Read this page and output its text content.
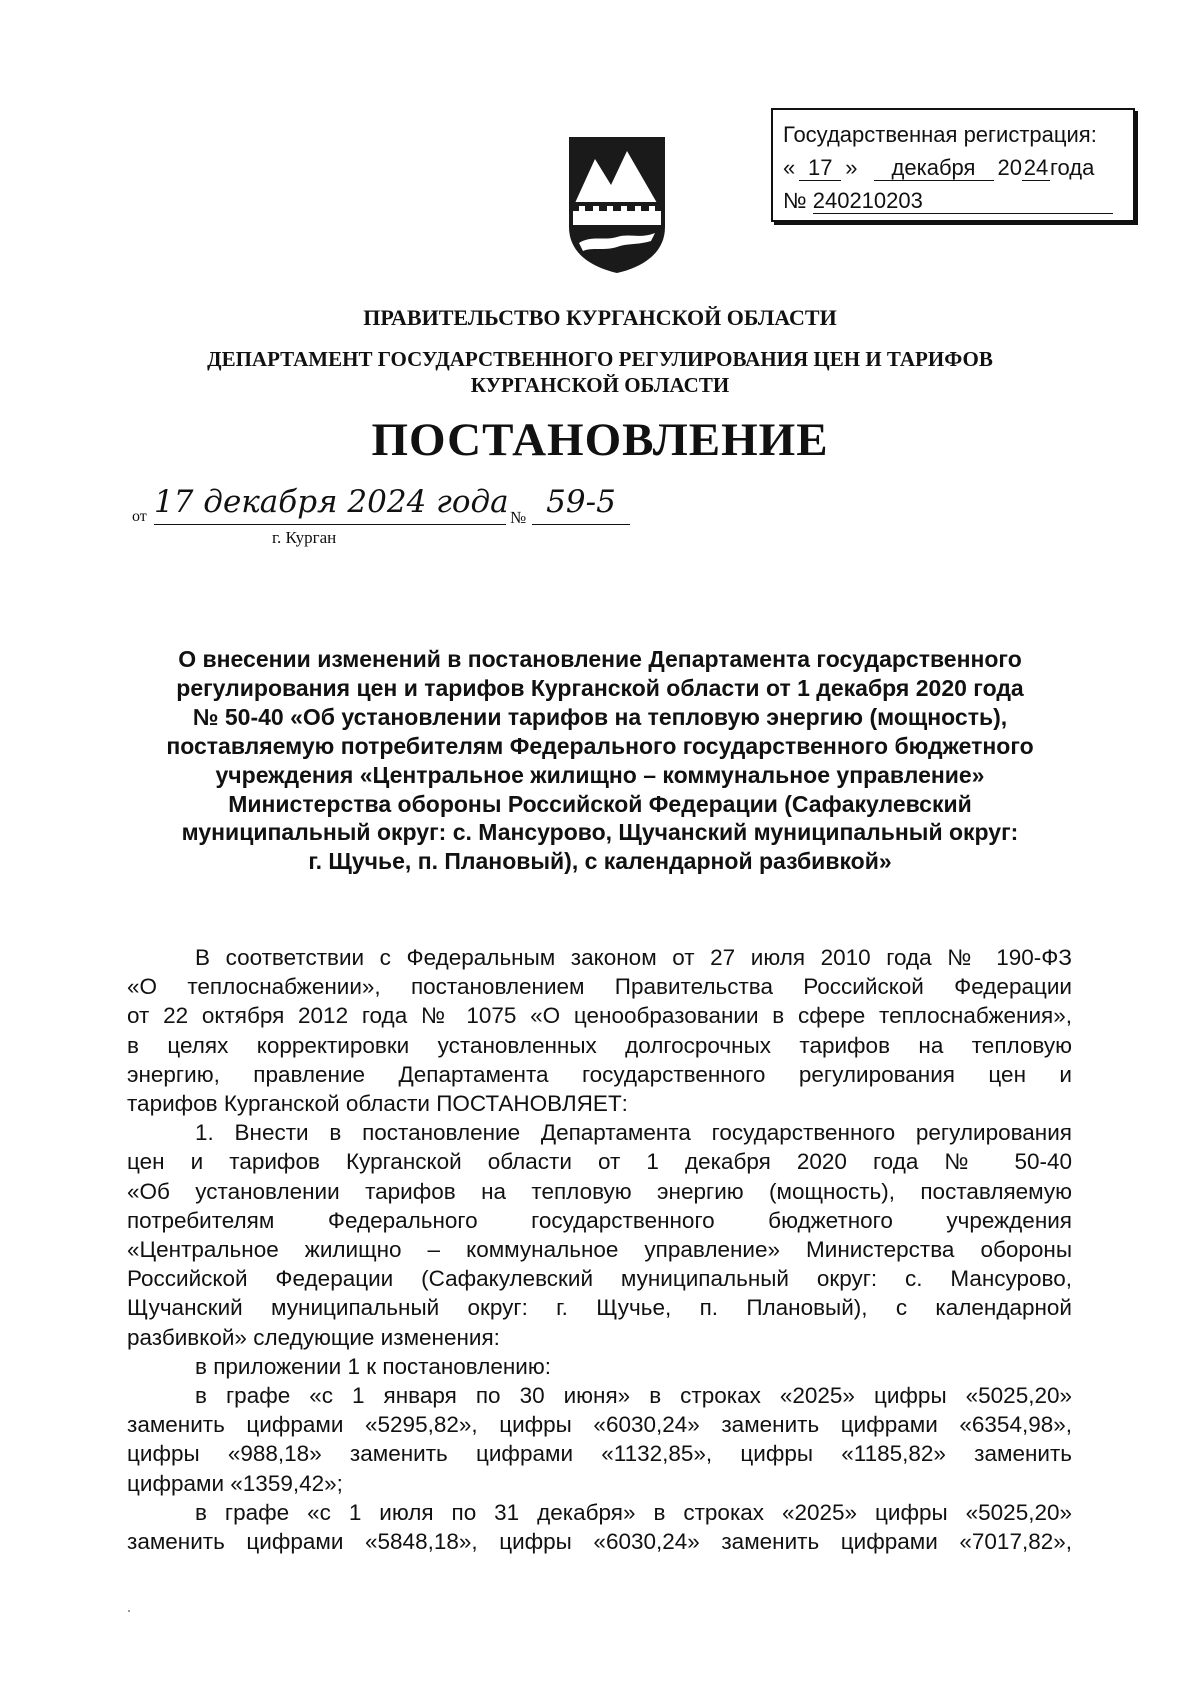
Государственная регистрация:
« 17 » декабря 2024года
№ 240210203
ПРАВИТЕЛЬСТВО КУРГАНСКОЙ ОБЛАСТИ
ДЕПАРТАМЕНТ ГОСУДАРСТВЕННОГО РЕГУЛИРОВАНИЯ ЦЕН И ТАРИФОВ
КУРГАНСКОЙ ОБЛАСТИ
ПОСТАНОВЛЕНИЕ
от 17 декабря 2024 года № 59-5
г. Курган
О внесении изменений в постановление Департамента государственного
регулирования цен и тарифов Курганской области от 1 декабря 2020 года
№ 50-40 «Об установлении тарифов на тепловую энергию (мощность),
поставляемую потребителям Федерального государственного бюджетного
учреждения «Центральное жилищно – коммунальное управление»
Министерства обороны Российской Федерации (Сафакулевский
муниципальный округ: с. Мансурово, Щучанский муниципальный округ:
г. Щучье, п. Плановый), с календарной разбивкой»
В соответствии с Федеральным законом от 27 июля 2010 года № 190-ФЗ
«О теплоснабжении», постановлением Правительства Российской Федерации
от 22 октября 2012 года № 1075 «О ценообразовании в сфере теплоснабжения»,
в целях корректировки установленных долгосрочных тарифов на тепловую
энергию, правление Департамента государственного регулирования цен и
тарифов Курганской области ПОСТАНОВЛЯЕТ:
1. Внести в постановление Департамента государственного регулирования
цен и тарифов Курганской области от 1 декабря 2020 года № 50-40
«Об установлении тарифов на тепловую энергию (мощность), поставляемую
потребителям Федерального государственного бюджетного учреждения
«Центральное жилищно – коммунальное управление» Министерства обороны
Российской Федерации (Сафакулевский муниципальный округ: с. Мансурово,
Щучанский муниципальный округ: г. Щучье, п. Плановый), с календарной
разбивкой» следующие изменения:
в приложении 1 к постановлению:
в графе «с 1 января по 30 июня» в строках «2025» цифры «5025,20»
заменить цифрами «5295,82», цифры «6030,24» заменить цифрами «6354,98»,
цифры «988,18» заменить цифрами «1132,85», цифры «1185,82» заменить
цифрами «1359,42»;
в графе «с 1 июля по 31 декабря» в строках «2025» цифры «5025,20»
заменить цифрами «5848,18», цифры «6030,24» заменить цифрами «7017,82»,
